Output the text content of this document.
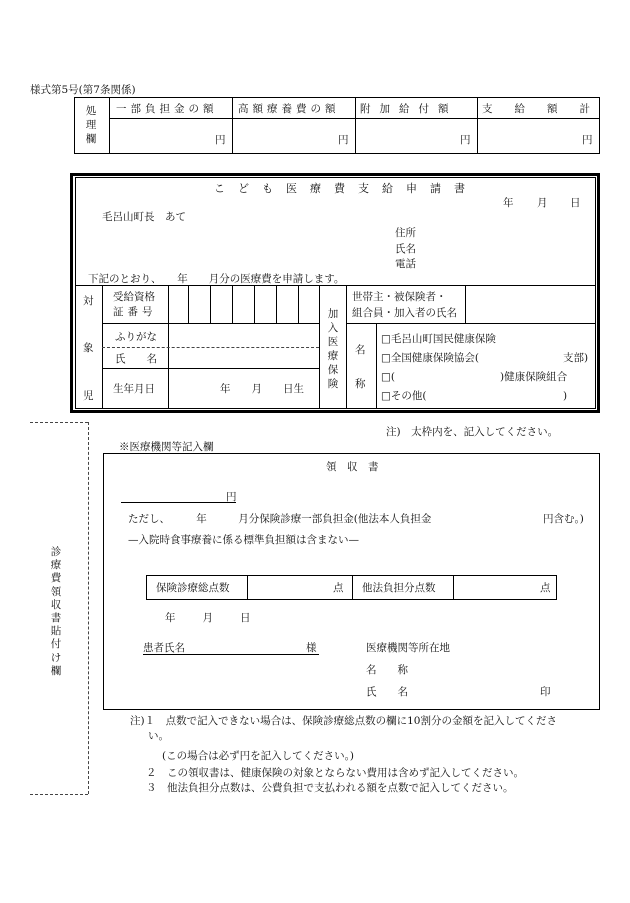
様式第5号(第7条関係)
処理欄
一部負担金の額 高額療養費の額 附加給付額 支給額計
円	円	円	円
こども医療費支給申請書
年 月 日
毛呂山町長　あて
住所
氏名
電話
下記のとおり、　　年　　月分の医療費を申請します。
対
象
児
受給資格
証番号
ふりがな
氏　　名
生年月日	年　　月　　日生
加入医療保険
世帯主・被保険者・
組合員・加入者の氏名
名
称
□毛呂山町国民健康保険
□全国健康保険協会(　　　　　　　　支部)
□(　　　　　　　　　　)健康保険組合
□その他(　　　　　　　　　　　　　)
注)　太枠内を、記入してください。
診療費領収書貼付け欄
※医療機関等記入欄
領　収　書
円
ただし、　　　年　　　月分保険診療一部負担金(他法本人負担金	円含む。)
—入院時食事療養に係る標準負担額は含まない—
保険診療総点数	点 他法負担分点数	点
年　　月　　日
患者氏名	様	医療機関等所在地
名　　称
氏　　名	印
注)１　点数で記入できない場合は、保険診療総点数の欄に10割分の金額を記入してくださ
い。
(この場合は必ず円を記入してください。)
２　この領収書は、健康保険の対象とならない費用は含めず記入してください。
３　他法負担分点数は、公費負担で支払われる額を点数で記入してください。
